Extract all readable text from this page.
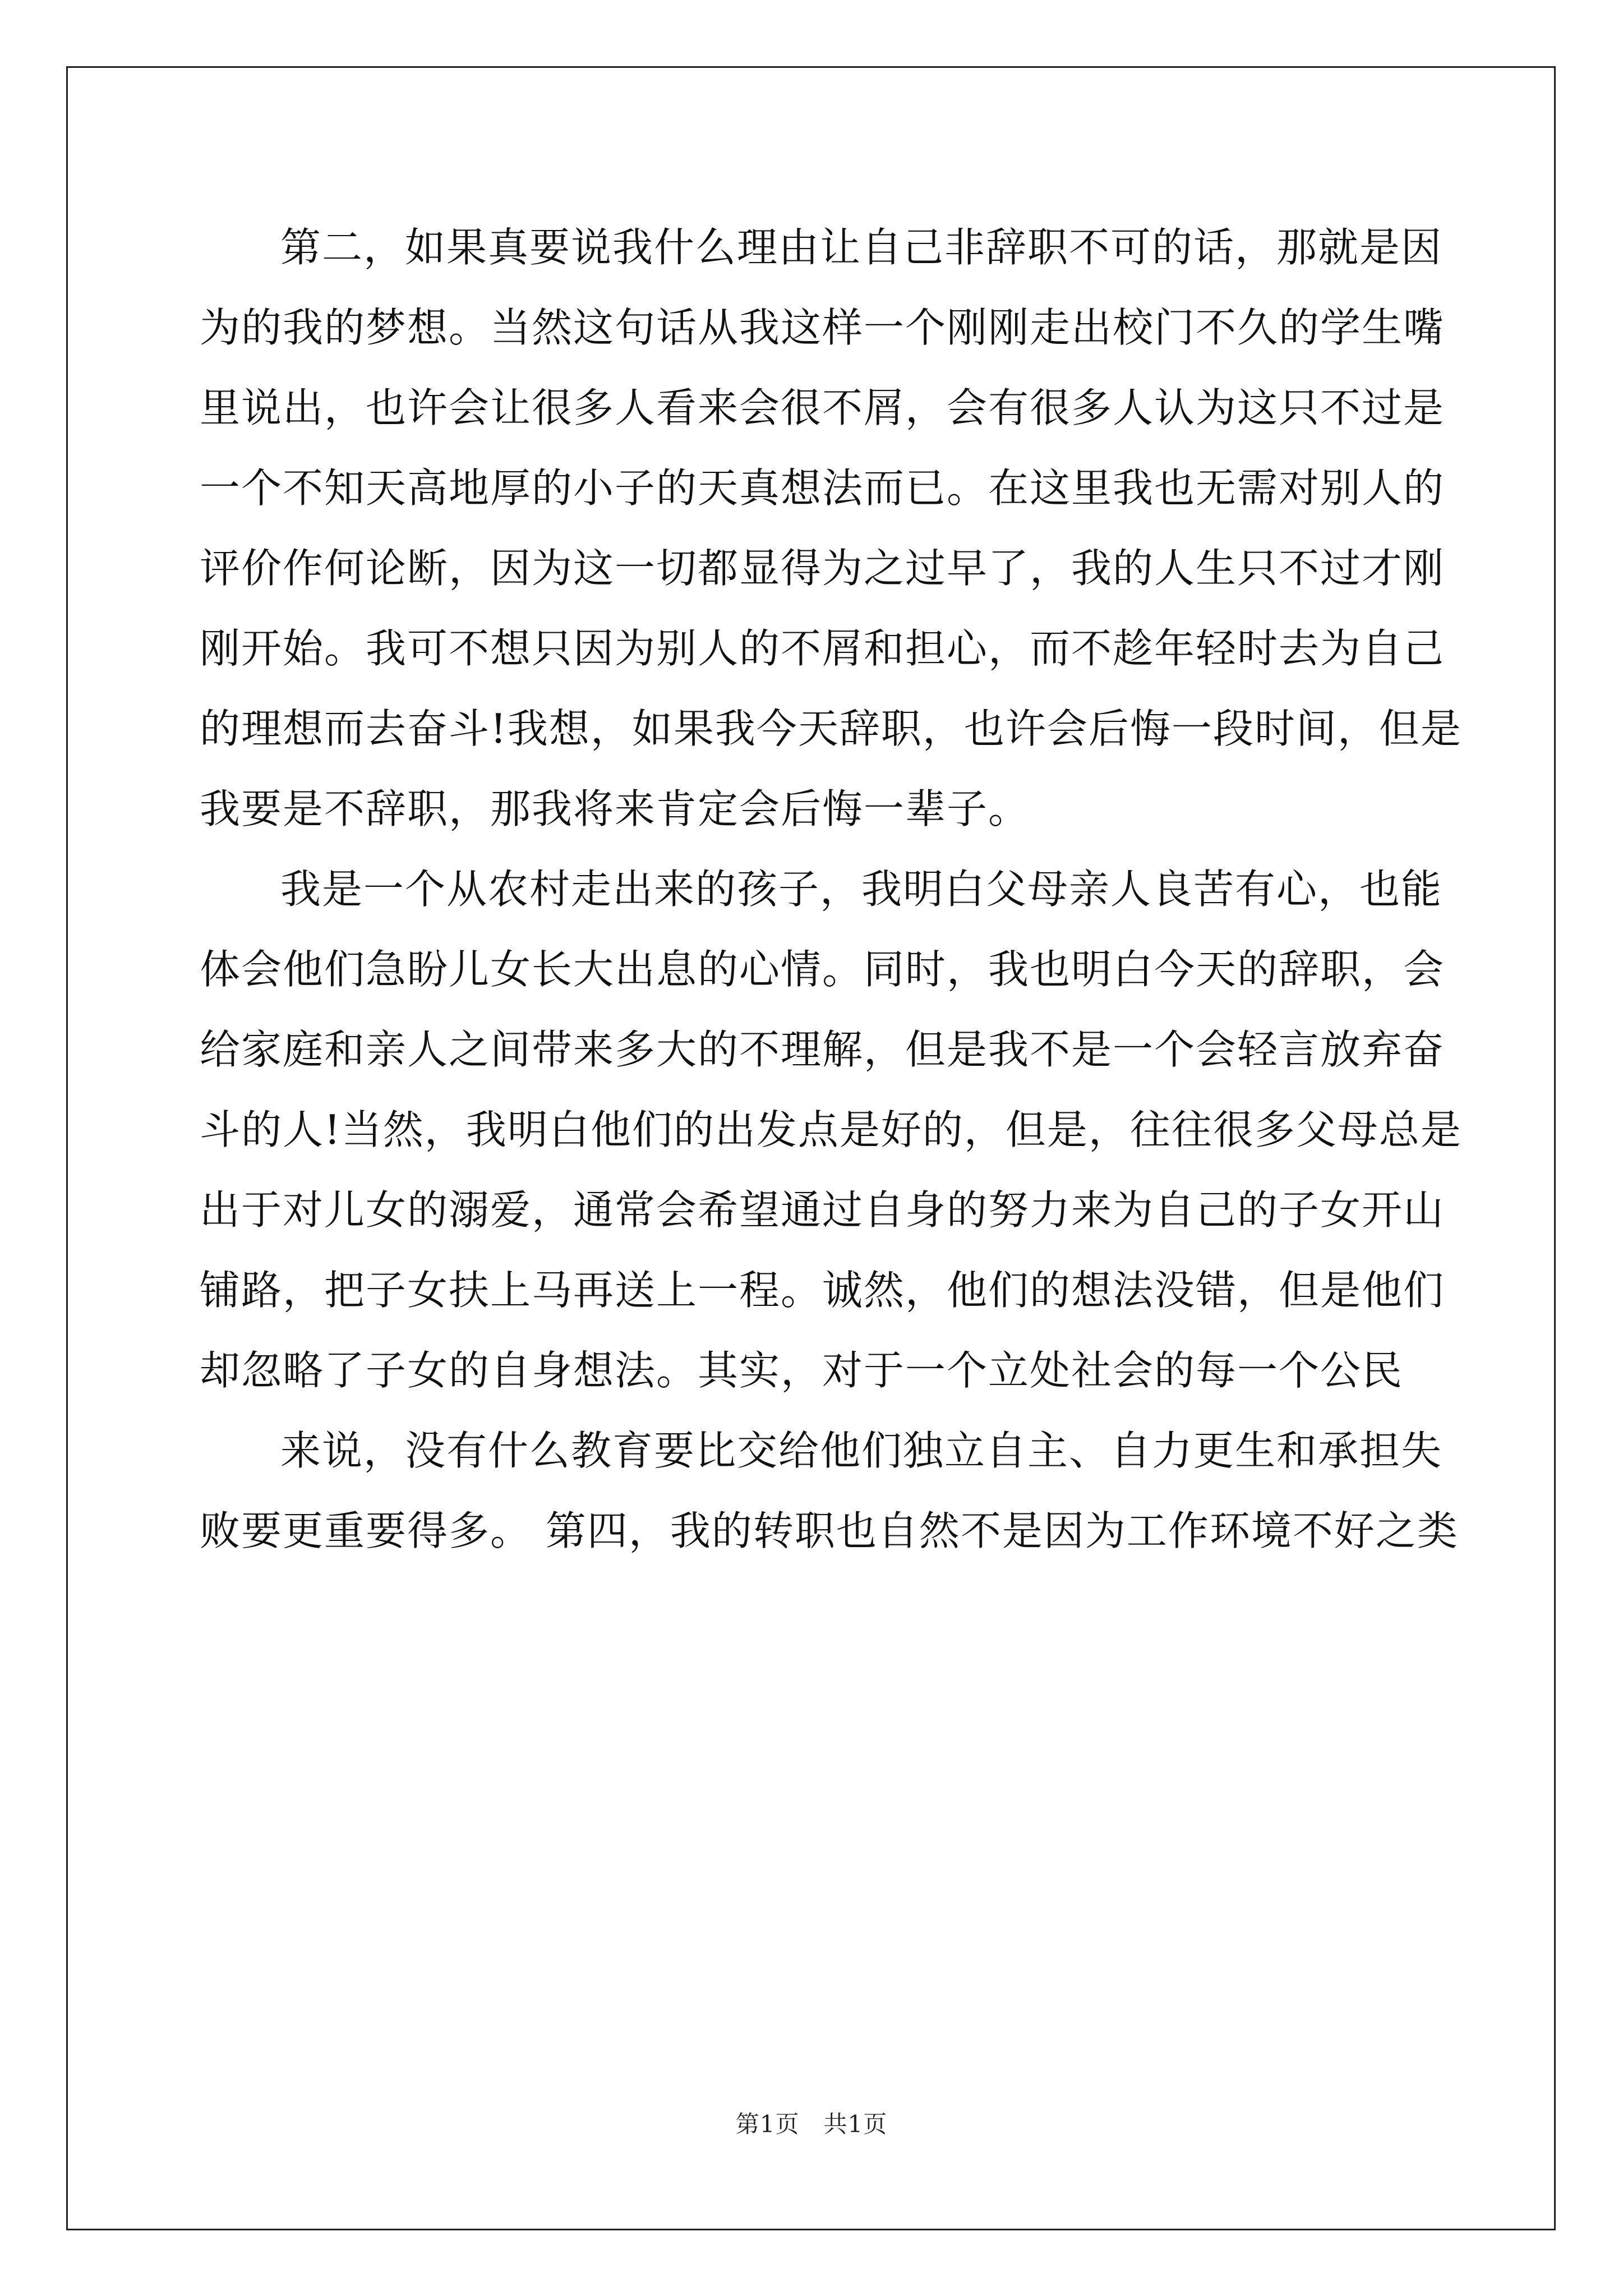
第二，如果真要说我什么理由让自己非辞职不可的话，那就是因
为的我的梦想。当然这句话从我这样一个刚刚走出校门不久的学生嘴
里说出，也许会让很多人看来会很不屑，会有很多人认为这只不过是
一个不知天高地厚的小子的天真想法而已。在这里我也无需对别人的
评价作何论断，因为这一切都显得为之过早了，我的人生只不过才刚
刚开始。我可不想只因为别人的不屑和担心，而不趁年轻时去为自己
的理想而去奋斗!我想，如果我今天辞职，也许会后悔一段时间，但是
我要是不辞职，那我将来肯定会后悔一辈子。
我是一个从农村走出来的孩子，我明白父母亲人良苦有心，也能
体会他们急盼儿女长大出息的心情。同时，我也明白今天的辞职，会
给家庭和亲人之间带来多大的不理解，但是我不是一个会轻言放弃奋
斗的人!当然，我明白他们的出发点是好的，但是，往往很多父母总是
出于对儿女的溺爱，通常会希望通过自身的努力来为自己的子女开山
铺路，把子女扶上马再送上一程。诚然，他们的想法没错，但是他们
却忽略了子女的自身想法。其实，对于一个立处社会的每一个公民
来说，没有什么教育要比交给他们独立自主、自力更生和承担失
败要更重要得多。 第四，我的转职也自然不是因为工作环境不好之类
第1页　共1页
